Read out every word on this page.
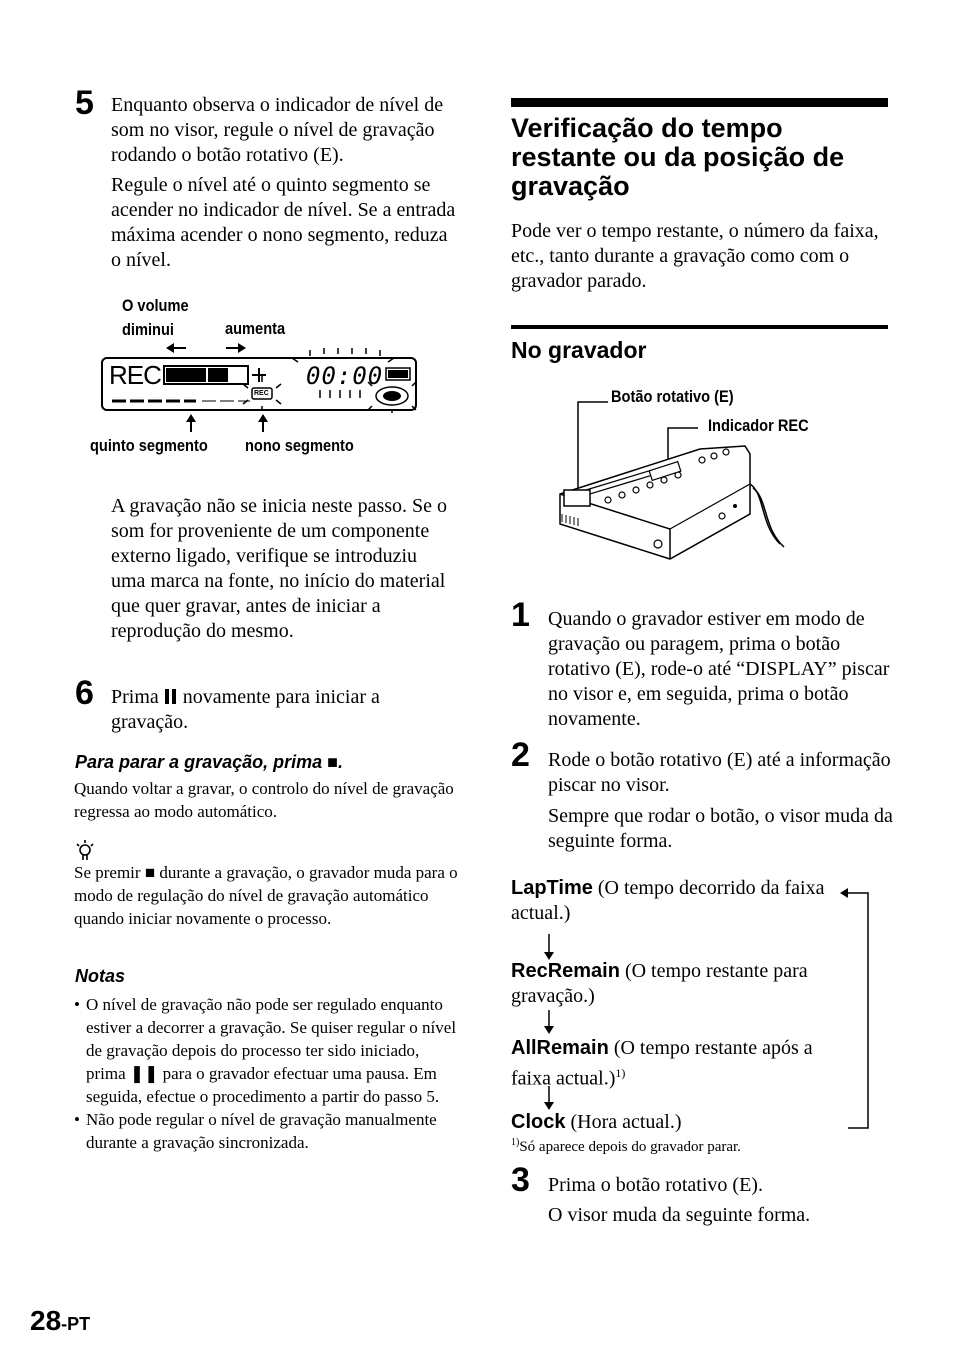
5 Enquanto observa o indicador de nível de som no visor, regule o nível de gravação rodando o botão rotativo (E).
Regule o nível até o quinto segmento se acender no indicador de nível. Se a entrada máxima acender o nono segmento, reduza o nível.
O volume
diminui	aumenta
REC
REC
00:00
quinto segmento nono segmento
A gravação não se inicia neste passo. Se o som for proveniente de um componente externo ligado, verifique se introduziu uma marca na fonte, no início do material que quer gravar, antes de iniciar a reprodução do mesmo.
6 Prima novamente para iniciar a gravação.
Para parar a gravação, prima ■.
Quando voltar a gravar, o controlo do nível de gravação regressa ao modo automático.
Se premir ■ durante a gravação, o gravador muda para o modo de regulação do nível de gravação automático quando iniciar novamente o processo.
Notas
• O nível de gravação não pode ser regulado enquanto estiver a decorrer a gravação. Se quiser regular o nível de gravação depois do processo ter sido iniciado, prima ❚❚ para o gravador efectuar uma pausa. Em seguida, efectue o procedimento a partir do passo 5.
• Não pode regular o nível de gravação manualmente durante a gravação sincronizada.
Verificação do tempo restante ou da posição de gravação
Pode ver o tempo restante, o número da faixa, etc., tanto durante a gravação como com o gravador parado.
No gravador
Botão rotativo (E)
Indicador REC
1 Quando o gravador estiver em modo de gravação ou paragem, prima o botão rotativo (E), rode-o até “DISPLAY” piscar no visor e, em seguida, prima o botão novamente.
2 Rode o botão rotativo (E) até a informação piscar no visor.
Sempre que rodar o botão, o visor muda da seguinte forma.
LapTime (O tempo decorrido da faixa actual.)
RecRemain (O tempo restante para gravação.)
AllRemain (O tempo restante após a faixa actual.)$^{1)}$
Clock (Hora actual.)
$^{1)}$Só aparece depois do gravador parar.
3 Prima o botão rotativo (E).
O visor muda da seguinte forma.
28-PT
